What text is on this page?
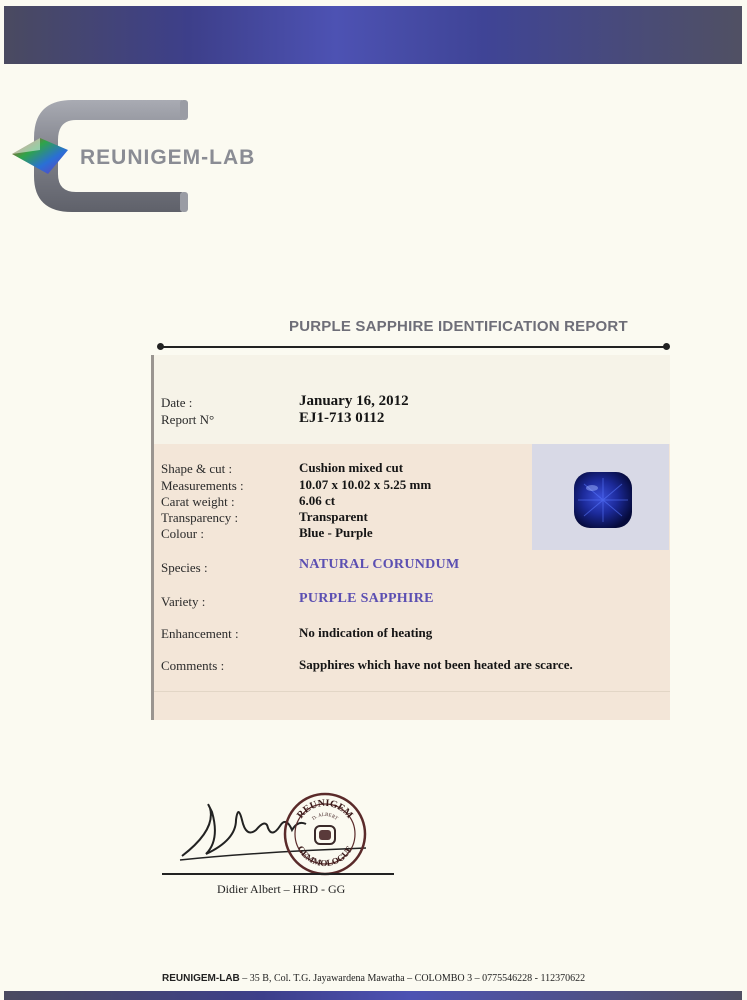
REUNIGEM-LAB
PURPLE SAPPHIRE IDENTIFICATION REPORT
Date :	January 16, 2012
Report N°	EJ1-713 0112
Shape & cut :	Cushion mixed cut
Measurements :	10.07 x 10.02 x 5.25 mm
Carat weight :	6.06 ct
Transparency :	Transparent
Colour :	Blue - Purple
Species :	NATURAL CORUNDUM
Variety :	PURPLE SAPPHIRE
Enhancement :	No indication of heating
Comments :	Sapphires which have not been heated are scarce.
REUNIGEM
D. ALBERT
GEMMOLOGUE
Didier Albert – HRD - GG
REUNIGEM-LAB – 35 B, Col. T.G. Jayawardena Mawatha – COLOMBO 3 – 0775546228 - 112370622
